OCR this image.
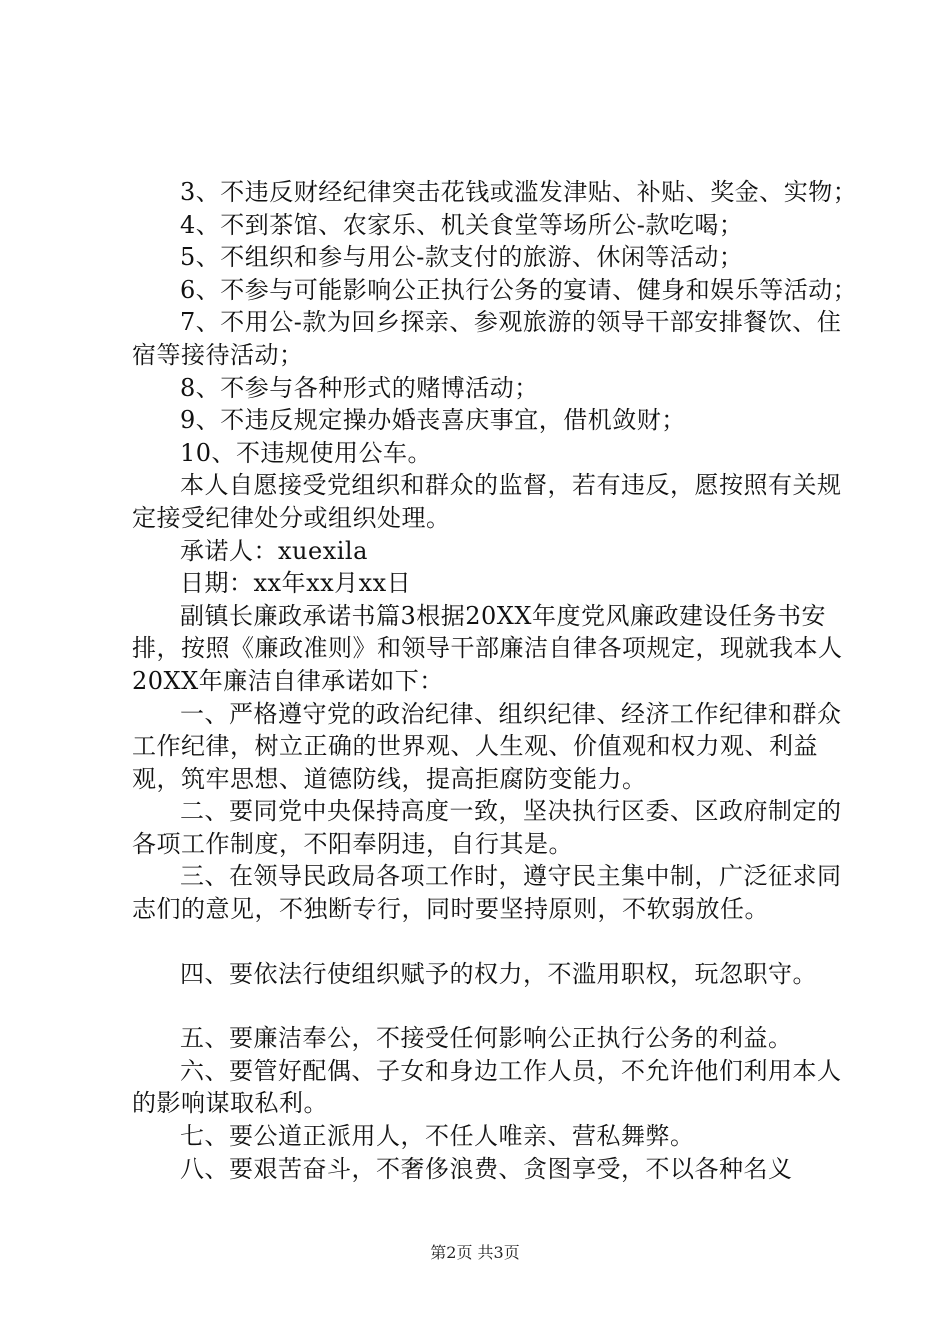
3、不违反财经纪律突击花钱或滥发津贴、补贴、奖金、实物；

4、不到茶馆、农家乐、机关食堂等场所公-款吃喝；

5、不组织和参与用公-款支付的旅游、休闲等活动；

6、不参与可能影响公正执行公务的宴请、健身和娱乐等活动；

7、不用公-款为回乡探亲、参观旅游的领导干部安排餐饮、住宿等接待活动；

8、不参与各种形式的赌博活动；

9、不违反规定操办婚丧喜庆事宜，借机敛财；

10、不违规使用公车。

本人自愿接受党组织和群众的监督，若有违反，愿按照有关规定接受纪律处分或组织处理。

承诺人：xuexila

日期：xx年xx月xx日

副镇长廉政承诺书篇3根据20XX年度党风廉政建设任务书安排，按照《廉政准则》和领导干部廉洁自律各项规定，现就我本人20XX年廉洁自律承诺如下：

一、严格遵守党的政治纪律、组织纪律、经济工作纪律和群众工作纪律，树立正确的世界观、人生观、价值观和权力观、利益观，筑牢思想、道德防线，提高拒腐防变能力。

二、要同党中央保持高度一致，坚决执行区委、区政府制定的各项工作制度，不阳奉阴违，自行其是。

三、在领导民政局各项工作时，遵守民主集中制，广泛征求同志们的意见，不独断专行，同时要坚持原则，不软弱放任。

四、要依法行使组织赋予的权力，不滥用职权，玩忽职守。

五、要廉洁奉公，不接受任何影响公正执行公务的利益。

六、要管好配偶、子女和身边工作人员，不允许他们利用本人的影响谋取私利。

七、要公道正派用人，不任人唯亲、营私舞弊。

八、要艰苦奋斗，不奢侈浪费、贪图享受，不以各种名义

第2页 共3页
